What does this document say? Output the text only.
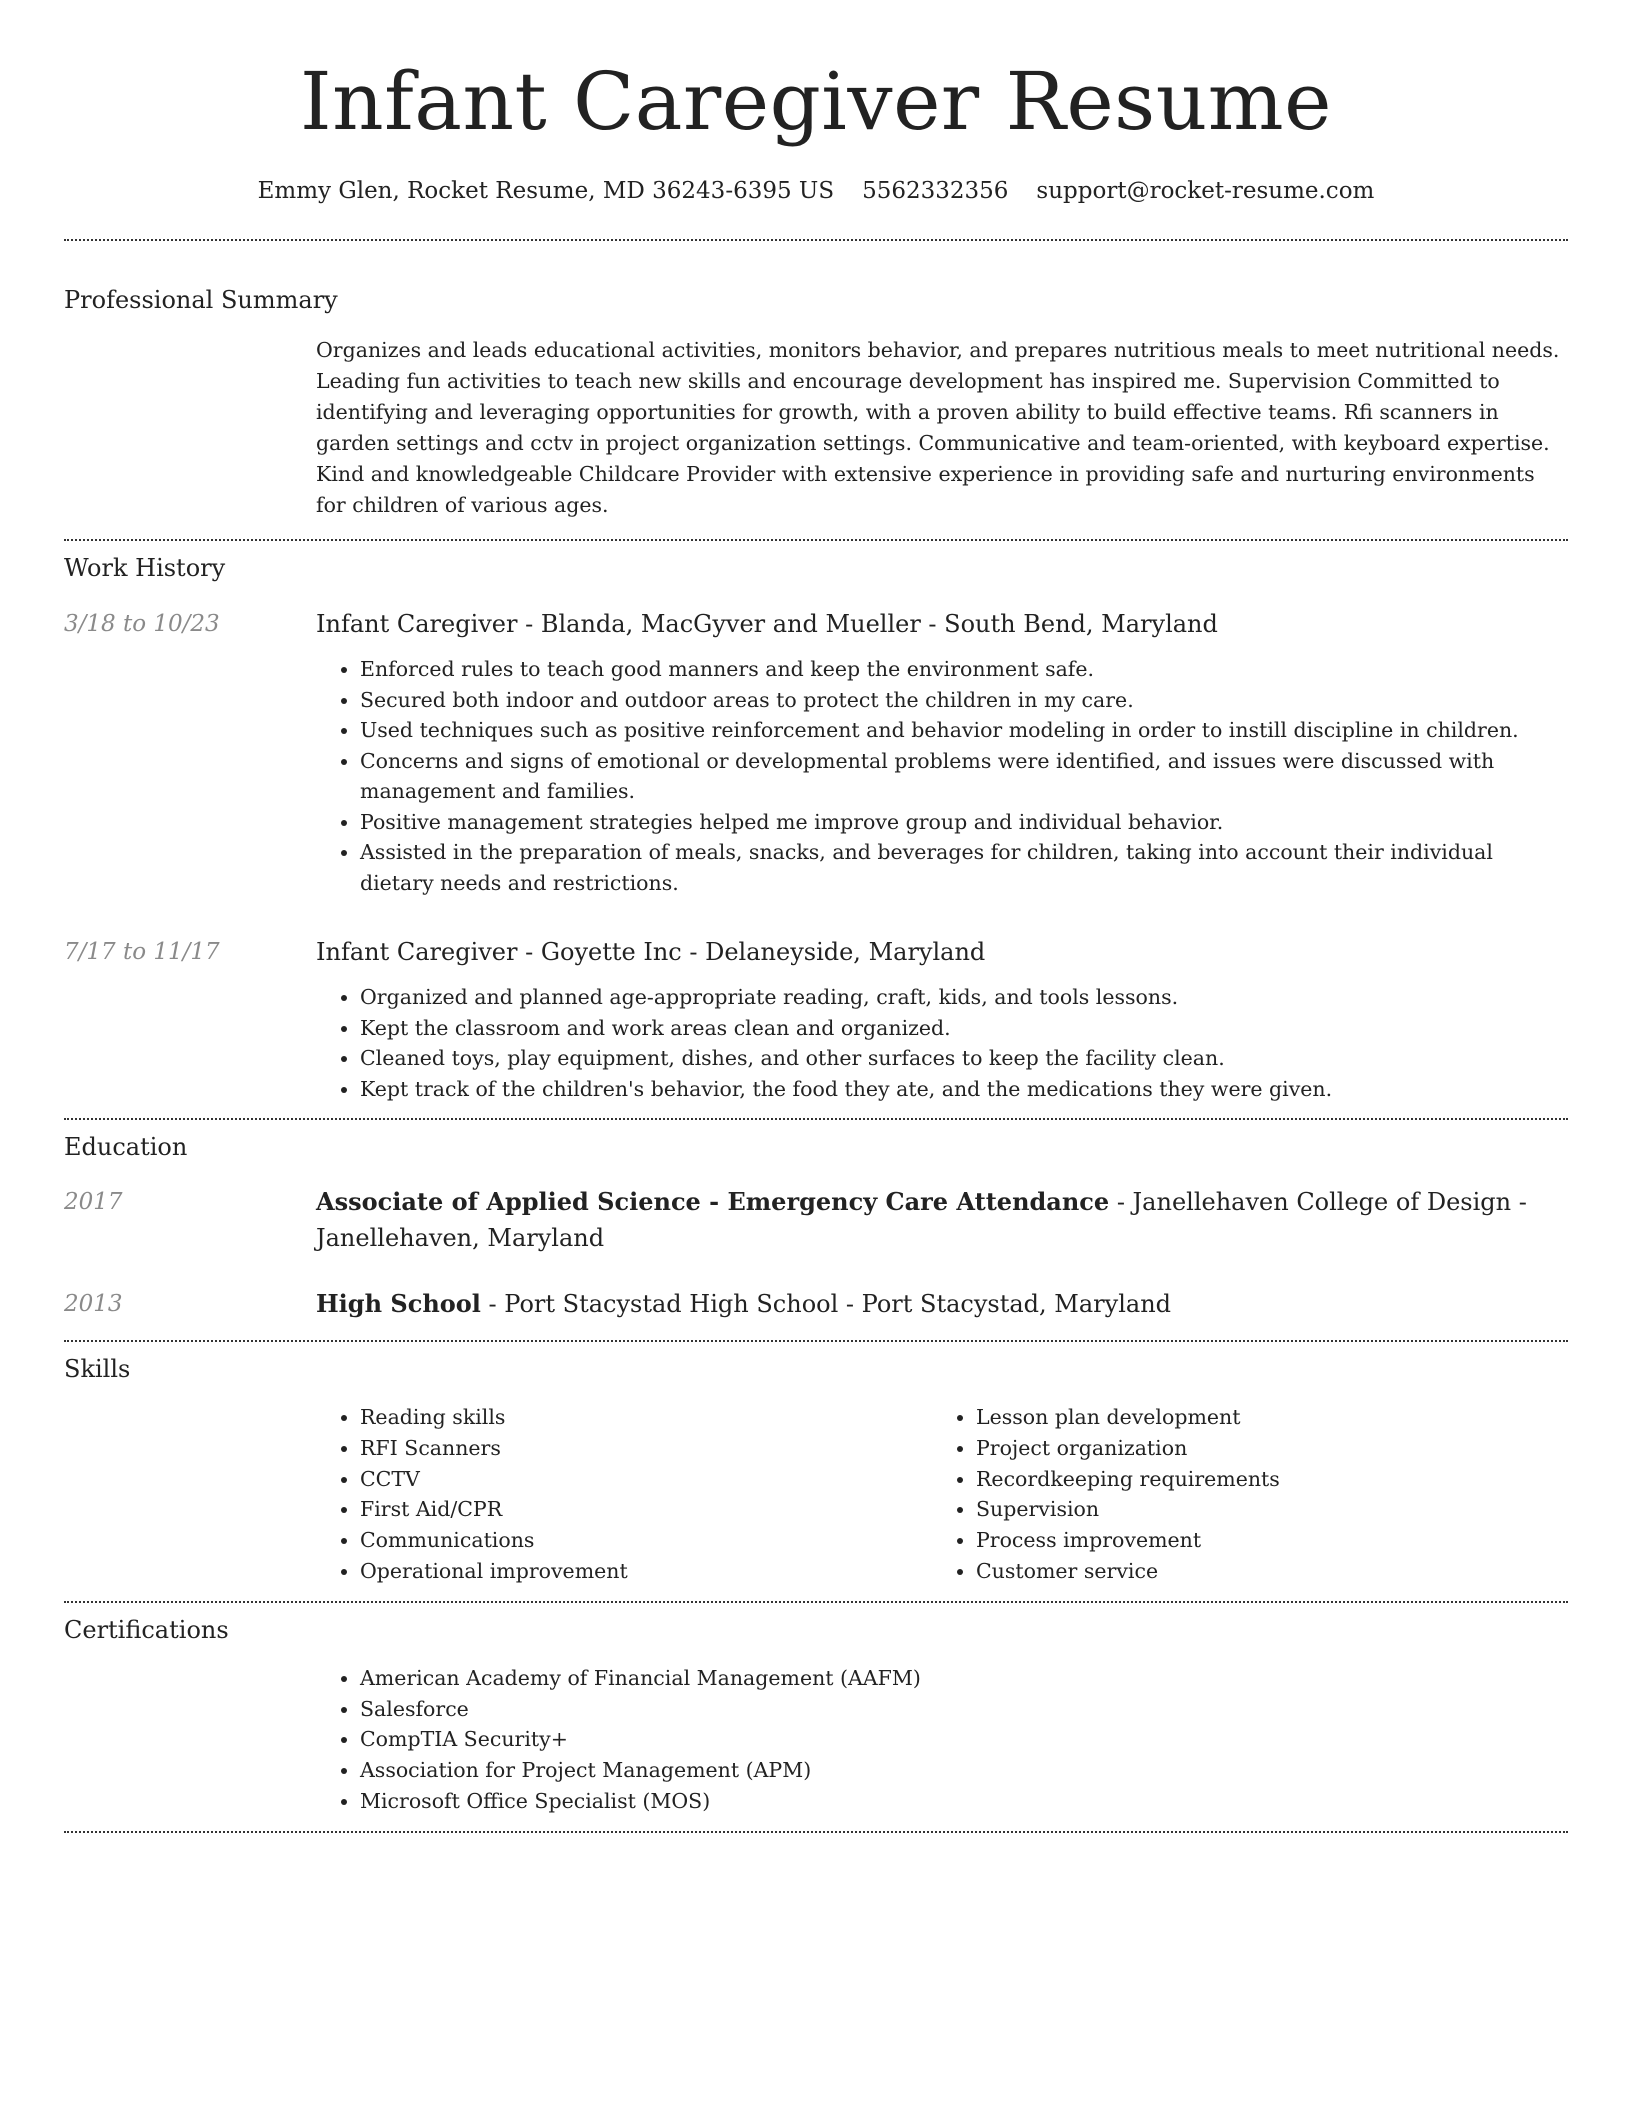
Infant Caregiver Resume
Emmy Glen, Rocket Resume, MD 36243-6395 US 5562332356 support@rocket-resume.com
Professional Summary
Organizes and leads educational activities, monitors behavior, and prepares nutritious meals to meet nutritional needs. Leading fun activities to teach new skills and encourage development has inspired me. Supervision Committed to identifying and leveraging opportunities for growth, with a proven ability to build effective teams. Rfi scanners in garden settings and cctv in project organization settings. Communicative and team-oriented, with keyboard expertise. Kind and knowledgeable Childcare Provider with extensive experience in providing safe and nurturing environments for children of various ages.
Work History
3/18 to 10/23	Infant Caregiver - Blanda, MacGyver and Mueller - South Bend, Maryland
• Enforced rules to teach good manners and keep the environment safe.
• Secured both indoor and outdoor areas to protect the children in my care.
• Used techniques such as positive reinforcement and behavior modeling in order to instill discipline in children.
• Concerns and signs of emotional or developmental problems were identified, and issues were discussed with management and families.
• Positive management strategies helped me improve group and individual behavior.
• Assisted in the preparation of meals, snacks, and beverages for children, taking into account their individual dietary needs and restrictions.
7/17 to 11/17	Infant Caregiver - Goyette Inc - Delaneyside, Maryland
• Organized and planned age-appropriate reading, craft, kids, and tools lessons.
• Kept the classroom and work areas clean and organized.
• Cleaned toys, play equipment, dishes, and other surfaces to keep the facility clean.
• Kept track of the children's behavior, the food they ate, and the medications they were given.
Education
2017	Associate of Applied Science - Emergency Care Attendance - Janellehaven College of Design - Janellehaven, Maryland
2013	High School - Port Stacystad High School - Port Stacystad, Maryland
Skills
• Reading skills
• RFI Scanners
• CCTV
• First Aid/CPR
• Communications
• Operational improvement
• Lesson plan development
• Project organization
• Recordkeeping requirements
• Supervision
• Process improvement
• Customer service
Certifications
• American Academy of Financial Management (AAFM)
• Salesforce
• CompTIA Security+
• Association for Project Management (APM)
• Microsoft Office Specialist (MOS)
